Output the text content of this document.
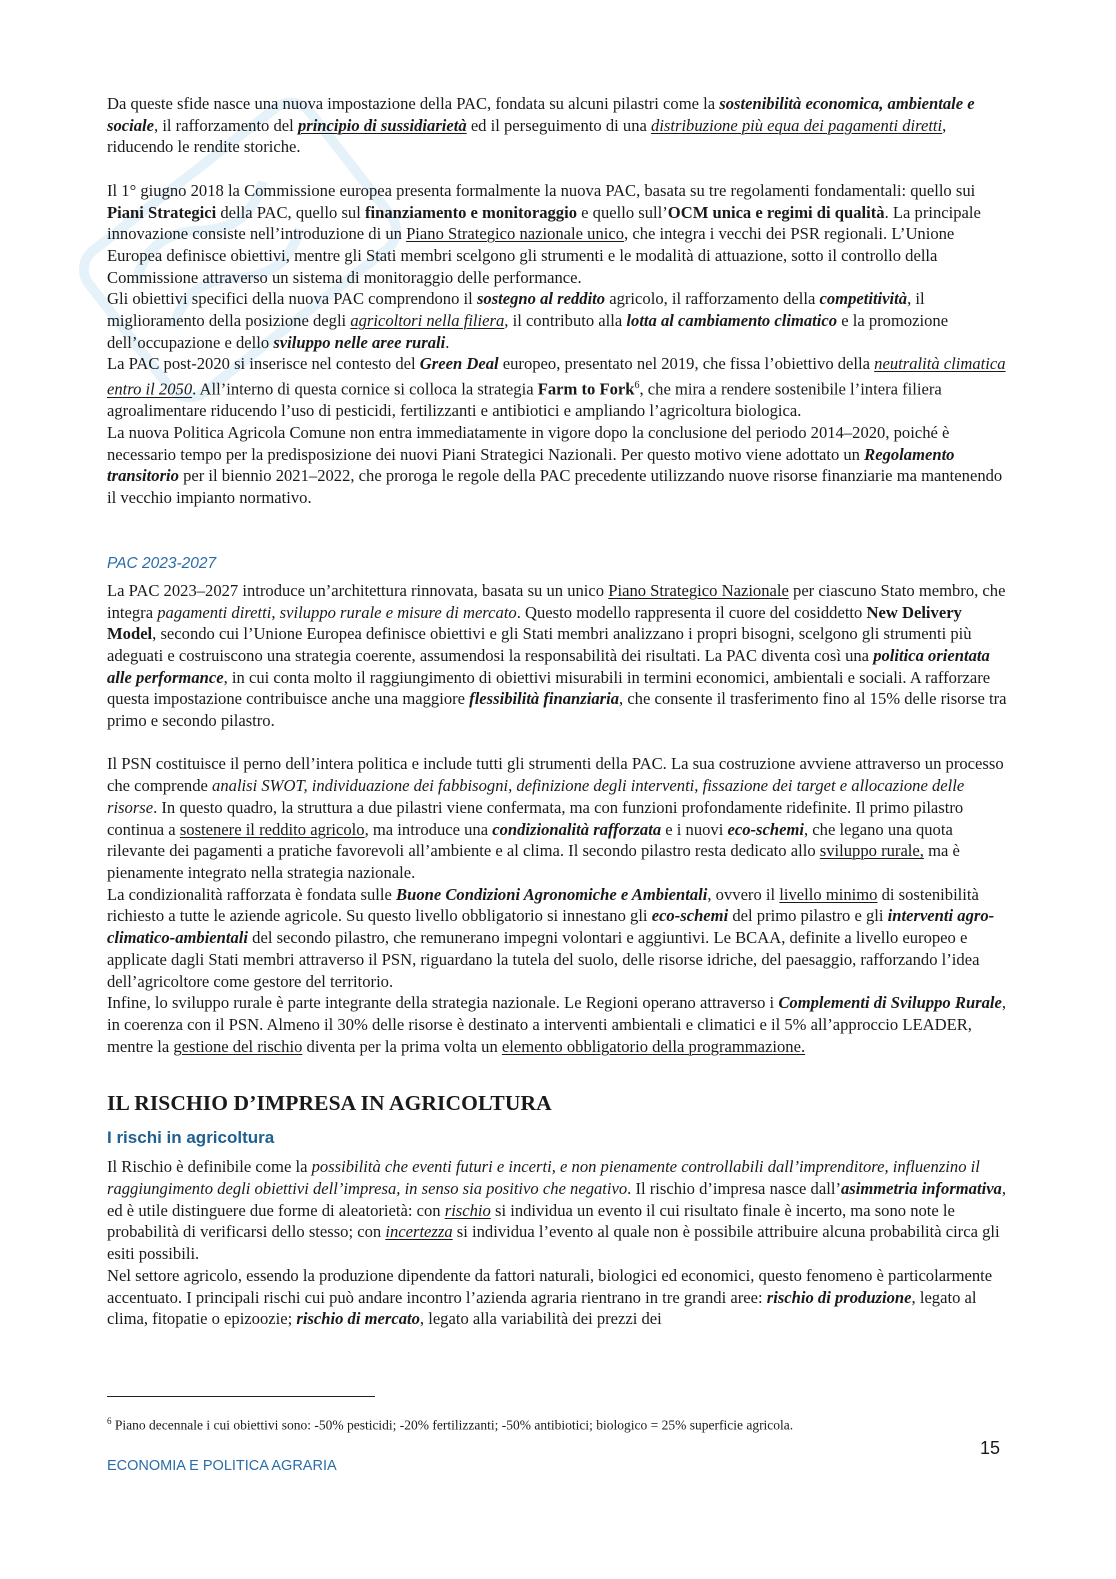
Da queste sfide nasce una nuova impostazione della PAC, fondata su alcuni pilastri come la sostenibilità economica, ambientale e sociale, il rafforzamento del principio di sussidiarietà ed il perseguimento di una distribuzione più equa dei pagamenti diretti, riducendo le rendite storiche.

Il 1° giugno 2018 la Commissione europea presenta formalmente la nuova PAC, basata su tre regolamenti fondamentali: quello sui Piani Strategici della PAC, quello sul finanziamento e monitoraggio e quello sull’OCM unica e regimi di qualità. La principale innovazione consiste nell’introduzione di un Piano Strategico nazionale unico, che integra i vecchi dei PSR regionali. L’Unione Europea definisce obiettivi, mentre gli Stati membri scelgono gli strumenti e le modalità di attuazione, sotto il controllo della Commissione attraverso un sistema di monitoraggio delle performance.

Gli obiettivi specifici della nuova PAC comprendono il sostegno al reddito agricolo, il rafforzamento della competitività, il miglioramento della posizione degli agricoltori nella filiera, il contributo alla lotta al cambiamento climatico e la promozione dell’occupazione e dello sviluppo nelle aree rurali.

La PAC post-2020 si inserisce nel contesto del Green Deal europeo, presentato nel 2019, che fissa l’obiettivo della neutralità climatica entro il 2050. All’interno di questa cornice si colloca la strategia Farm to Fork$^6$, che mira a rendere sostenibile l’intera filiera agroalimentare riducendo l’uso di pesticidi, fertilizzanti e antibiotici e ampliando l’agricoltura biologica.

La nuova Politica Agricola Comune non entra immediatamente in vigore dopo la conclusione del periodo 2014–2020, poiché è necessario tempo per la predisposizione dei nuovi Piani Strategici Nazionali. Per questo motivo viene adottato un Regolamento transitorio per il biennio 2021–2022, che proroga le regole della PAC precedente utilizzando nuove risorse finanziarie ma mantenendo il vecchio impianto normativo.

PAC 2023-2027

La PAC 2023–2027 introduce un’architettura rinnovata, basata su un unico Piano Strategico Nazionale per ciascuno Stato membro, che integra pagamenti diretti, sviluppo rurale e misure di mercato. Questo modello rappresenta il cuore del cosiddetto New Delivery Model, secondo cui l’Unione Europea definisce obiettivi e gli Stati membri analizzano i propri bisogni, scelgono gli strumenti più adeguati e costruiscono una strategia coerente, assumendosi la responsabilità dei risultati. La PAC diventa così una politica orientata alle performance, in cui conta molto il raggiungimento di obiettivi misurabili in termini economici, ambientali e sociali. A rafforzare questa impostazione contribuisce anche una maggiore flessibilità finanziaria, che consente il trasferimento fino al 15% delle risorse tra primo e secondo pilastro.

Il PSN costituisce il perno dell’intera politica e include tutti gli strumenti della PAC. La sua costruzione avviene attraverso un processo che comprende analisi SWOT, individuazione dei fabbisogni, definizione degli interventi, fissazione dei target e allocazione delle risorse. In questo quadro, la struttura a due pilastri viene confermata, ma con funzioni profondamente ridefinite. Il primo pilastro continua a sostenere il reddito agricolo, ma introduce una condizionalità rafforzata e i nuovi eco-schemi, che legano una quota rilevante dei pagamenti a pratiche favorevoli all’ambiente e al clima. Il secondo pilastro resta dedicato allo sviluppo rurale, ma è pienamente integrato nella strategia nazionale.

La condizionalità rafforzata è fondata sulle Buone Condizioni Agronomiche e Ambientali, ovvero il livello minimo di sostenibilità richiesto a tutte le aziende agricole. Su questo livello obbligatorio si innestano gli eco-schemi del primo pilastro e gli interventi agro-climatico-ambientali del secondo pilastro, che remunerano impegni volontari e aggiuntivi. Le BCAA, definite a livello europeo e applicate dagli Stati membri attraverso il PSN, riguardano la tutela del suolo, delle risorse idriche, del paesaggio, rafforzando l’idea dell’agricoltore come gestore del territorio.

Infine, lo sviluppo rurale è parte integrante della strategia nazionale. Le Regioni operano attraverso i Complementi di Sviluppo Rurale, in coerenza con il PSN. Almeno il 30% delle risorse è destinato a interventi ambientali e climatici e il 5% all’approccio LEADER, mentre la gestione del rischio diventa per la prima volta un elemento obbligatorio della programmazione.

IL RISCHIO D’IMPRESA IN AGRICOLTURA
I rischi in agricoltura

Il Rischio è definibile come la possibilità che eventi futuri e incerti, e non pienamente controllabili dall’imprenditore, influenzino il raggiungimento degli obiettivi dell’impresa, in senso sia positivo che negativo. Il rischio d’impresa nasce dall’asimmetria informativa, ed è utile distinguere due forme di aleatorietà: con rischio si individua un evento il cui risultato finale è incerto, ma sono note le probabilità di verificarsi dello stesso; con incertezza si individua l’evento al quale non è possibile attribuire alcuna probabilità circa gli esiti possibili.

Nel settore agricolo, essendo la produzione dipendente da fattori naturali, biologici ed economici, questo fenomeno è particolarmente accentuato. I principali rischi cui può andare incontro l’azienda agraria rientrano in tre grandi aree: rischio di produzione, legato al clima, fitopatie o epizoozie; rischio di mercato, legato alla variabilità dei prezzi dei

$^6$ Piano decennale i cui obiettivi sono: -50% pesticidi; -20% fertilizzanti; -50% antibiotici; biologico = 25% superficie agricola.
15
ECONOMIA E POLITICA AGRARIA
